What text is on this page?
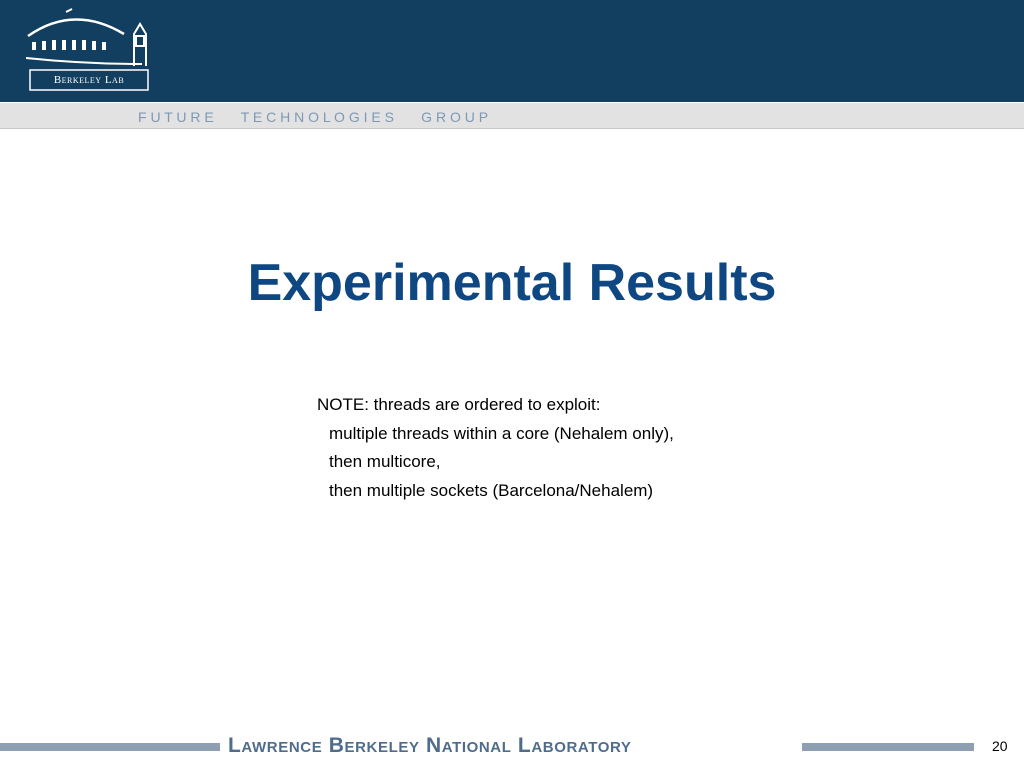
Berkeley Lab
F U T U R E       T E C H N O L O G I E S       G R O U P
Experimental Results
NOTE: threads are ordered to exploit:
multiple threads within a core (Nehalem only),
then multicore,
then multiple sockets (Barcelona/Nehalem)
Lawrence Berkeley National Laboratory	20
